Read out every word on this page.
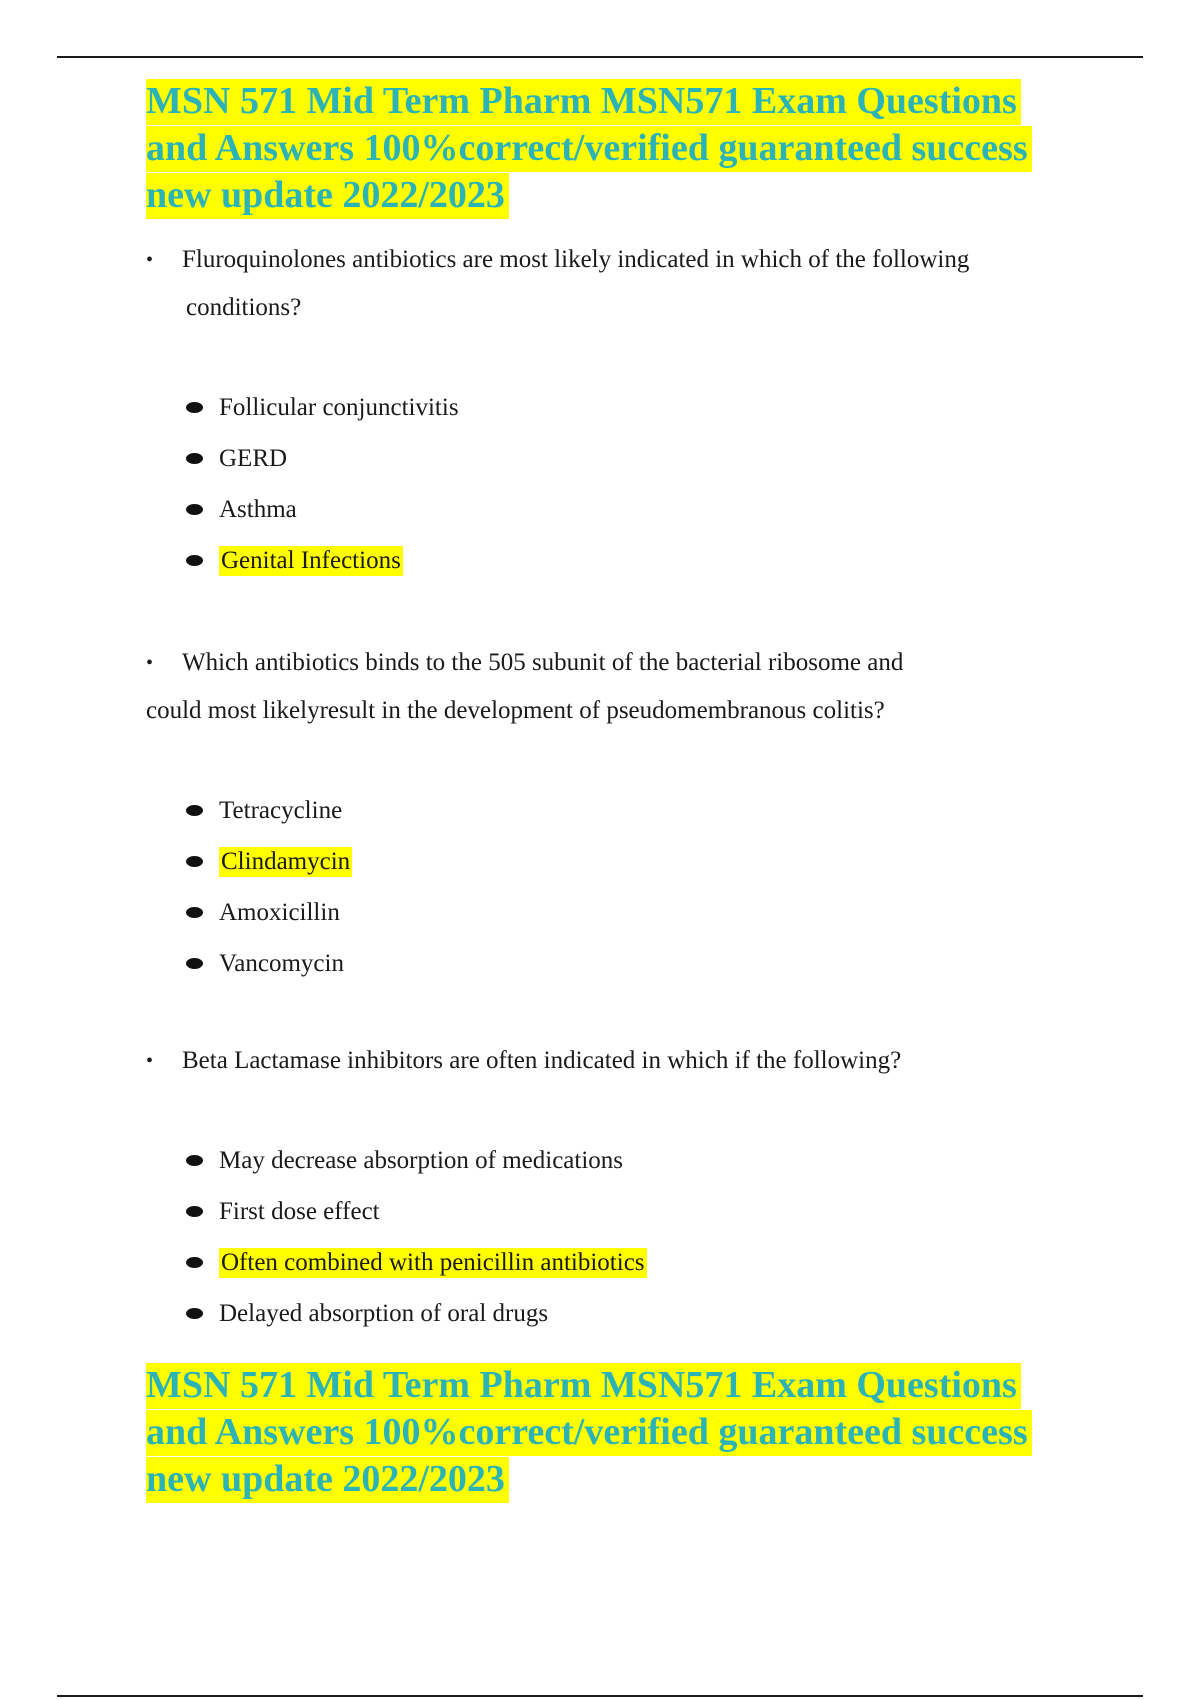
MSN 571 Mid Term Pharm MSN571 Exam Questions
and Answers 100%correct/verified guaranteed success
new update 2022/2023
• Fluroquinolones antibiotics are most likely indicated in which of the following
conditions?
Follicular conjunctivitis
GERD
Asthma
Genital Infections
• Which antibiotics binds to the 505 subunit of the bacterial ribosome and
could most likelyresult in the development of pseudomembranous colitis?
Tetracycline
Clindamycin
Amoxicillin
Vancomycin
• Beta Lactamase inhibitors are often indicated in which if the following?
May decrease absorption of medications
First dose effect
Often combined with penicillin antibiotics
Delayed absorption of oral drugs
MSN 571 Mid Term Pharm MSN571 Exam Questions
and Answers 100%correct/verified guaranteed success
new update 2022/2023
